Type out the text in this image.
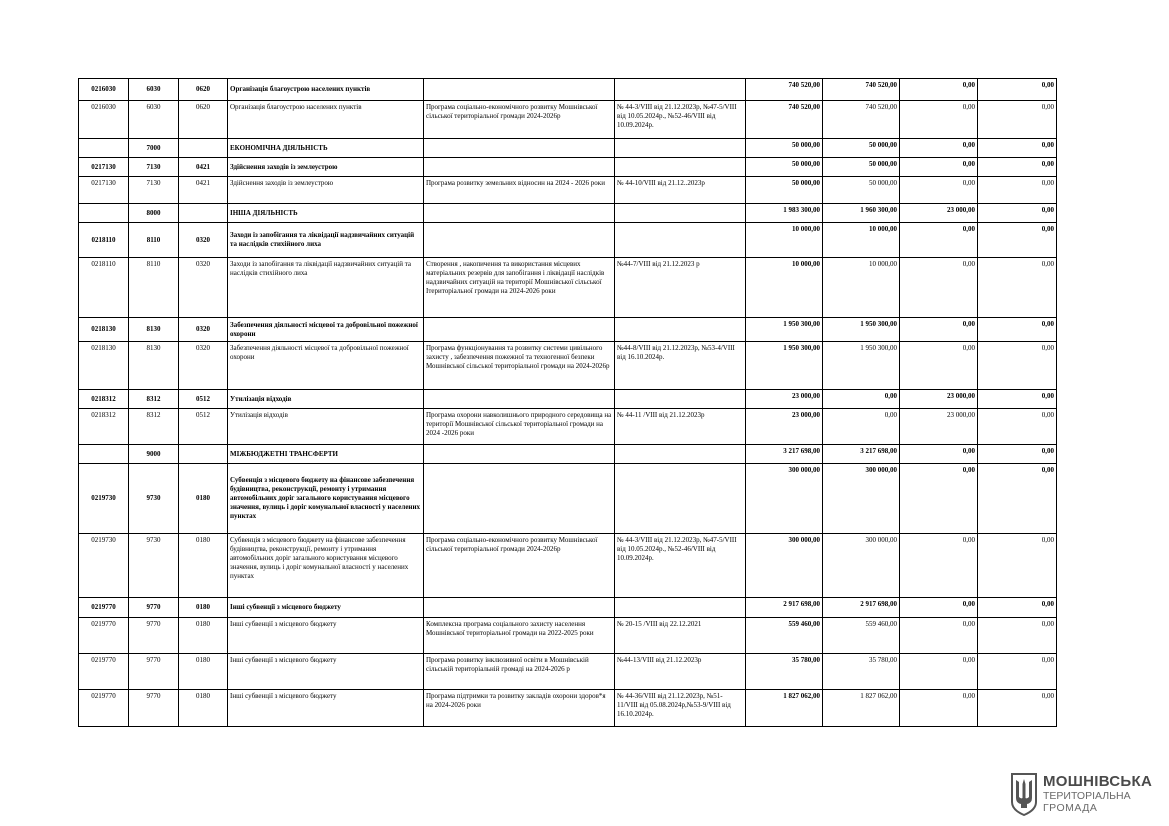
0216030	6030	0620	Організація благоустрою населених пунктів			740 520,00	740 520,00	0,00	0,00
0216030	6030	0620	Організація благоустрою населених пунктів	Програма соціально-економічного розвитку Мошнівської сільської територіальної громади 2024-2026р	№ 44-3/VIII від 21.12.2023р, №47-5/VIII від 10.05.2024р., №52-46/VIII від 10.09.2024р.	740 520,00	740 520,00	0,00	0,00
	7000		ЕКОНОМІЧНА ДІЯЛЬНІСТЬ			50 000,00	50 000,00	0,00	0,00
0217130	7130	0421	Здійснення заходів із землеустрою			50 000,00	50 000,00	0,00	0,00
0217130	7130	0421	Здійснення заходів із землеустрою	Програма розвитку земельних відносин на 2024 - 2026 роки	№ 44-10/VIII від 21.12..2023р	50 000,00	50 000,00	0,00	0,00
	8000		ІНША ДІЯЛЬНІСТЬ			1 983 300,00	1 960 300,00	23 000,00	0,00
0218110	8110	0320	Заходи із запобігання та ліквідації надзвичайних ситуацій та наслідків стихійного лиха			10 000,00	10 000,00	0,00	0,00
0218110	8110	0320	Заходи із запобігання та ліквідації надзвичайних ситуацій та наслідків стихійного лиха	Створення , накопичення та використання місцевих матеріальних резервів для запобігання і ліквідації наслідків надзвичайних ситуацій на території Мошнівської сільської Ітериторіальної громади на 2024-2026 роки	№44-7/VIII від 21.12.2023 р	10 000,00	10 000,00	0,00	0,00
0218130	8130	0320	Забезпечення діяльності місцевої та добровільної пожежної охорони			1 950 300,00	1 950 300,00	0,00	0,00
0218130	8130	0320	Забезпечення діяльності місцевої та добровільної пожежної охорони	Програма функціонування та розвитку системи цивільного захисту , забезпечення пожежної та техногенної безпеки Мошнівської сільської територіальної громади на 2024-2026р	№44-8/VIII від 21.12.2023р, №53-4/VIII від 16.10.2024р.	1 950 300,00	1 950 300,00	0,00	0,00
0218312	8312	0512	Утилізація відходів			23 000,00	0,00	23 000,00	0,00
0218312	8312	0512	Утилізація відходів	Програма охорони навколишнього природного середовища на території Мошнівської сільської територіальної громади на 2024 -2026 роки	№ 44-11 /VIII від 21.12.2023р	23 000,00	0,00	23 000,00	0,00
	9000		МІЖБЮДЖЕТНІ ТРАНСФЕРТИ			3 217 698,00	3 217 698,00	0,00	0,00
0219730	9730	0180	Субвенція з місцевого бюджету на фінансове забезпечення будівництва, реконструкції, ремонту і утримання автомобільних доріг загального користування місцевого значення, вулиць і доріг комунальної власності у населених пунктах			300 000,00	300 000,00	0,00	0,00
0219730	9730	0180	Субвенція з місцевого бюджету на фінансове забезпечення будівництва, реконструкції, ремонту і утримання автомобільних доріг загального користування місцевого значення, вулиць і доріг комунальної власності у населених пунктах	Програма соціально-економічного розвитку Мошнівської сільської територіальної громади 2024-2026р	№ 44-3/VIII від 21.12.2023р, №47-5/VIII від 10.05.2024р., №52-46/VIII від 10.09.2024р.	300 000,00	300 000,00	0,00	0,00
0219770	9770	0180	Інші субвенції з місцевого бюджету			2 917 698,00	2 917 698,00	0,00	0,00
0219770	9770	0180	Інші субвенції з місцевого бюджету	Комплексна програма соціального захисту населення Мошнівської територіальної громади на 2022-2025 роки	№ 20-15 /VIII від 22.12.2021	559 460,00	559 460,00	0,00	0,00
0219770	9770	0180	Інші субвенції з місцевого бюджету	Програма розвитку інклюзивної освіти в Мошнівській сільській територіальній громаді на 2024-2026 р	№44-13/VIII від 21.12.2023р	35 780,00	35 780,00	0,00	0,00
0219770	9770	0180	Інші субвенції з місцевого бюджету	Програма підтримки та розвитку закладів охорони здоров*я на 2024-2026 роки	№ 44-36/VIII від 21.12.2023р, №51-11/VIII від 05.08.2024р,№53-9/VIII від 16.10.2024р.	1 827 062,00	1 827 062,00	0,00	0,00
МОШНІВСЬКА
ТЕРИТОРІАЛЬНА
ГРОМАДА
